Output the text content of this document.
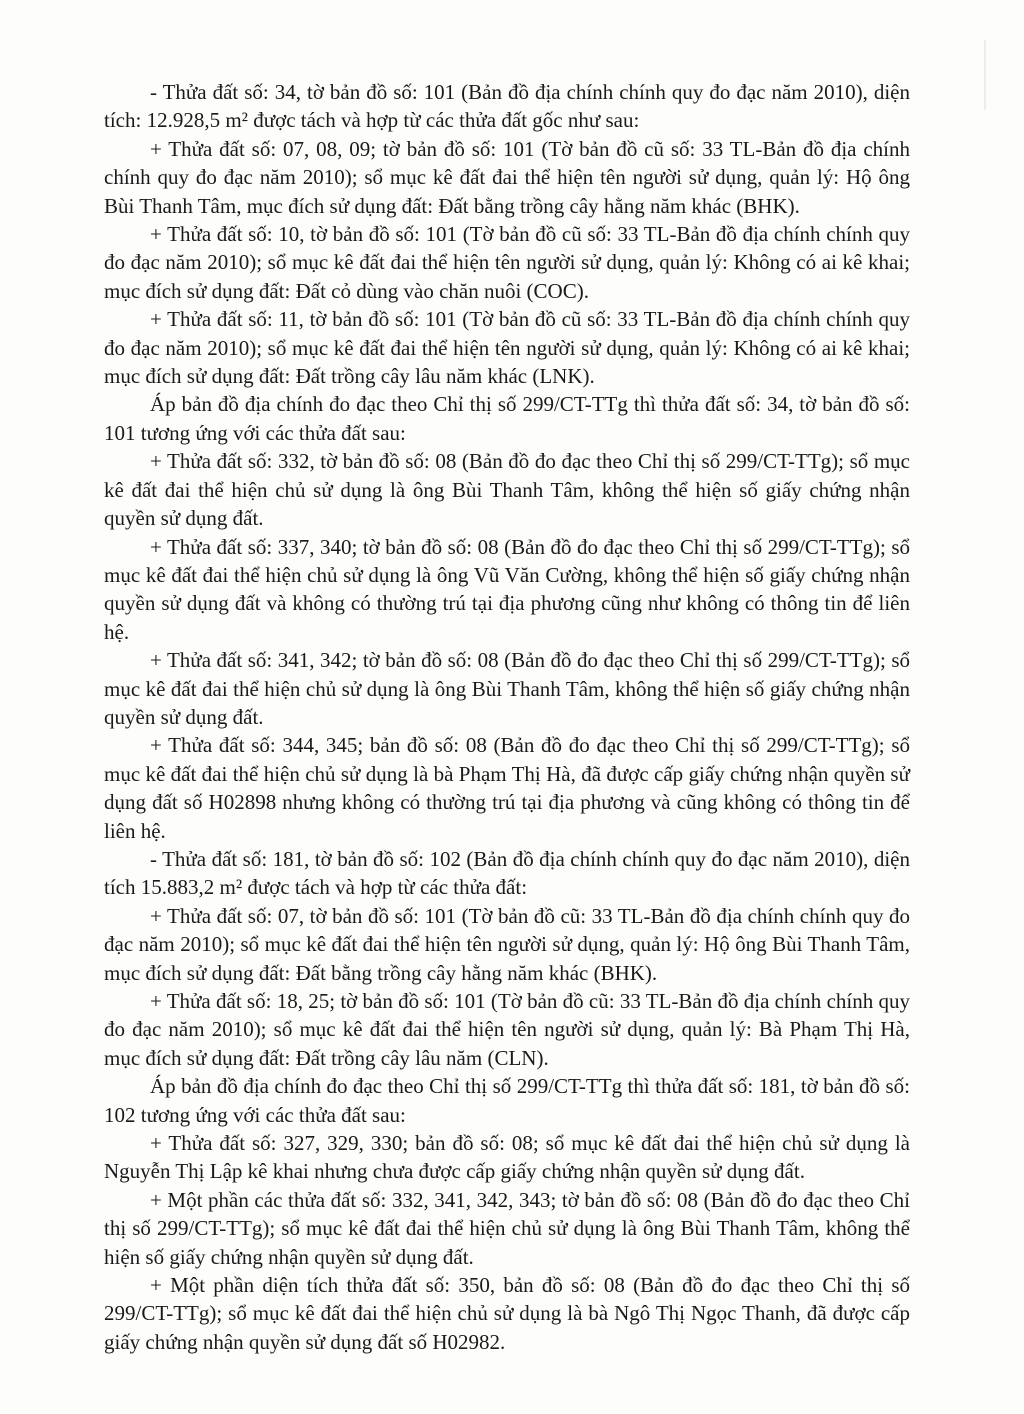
- Thửa đất số: 34, tờ bản đồ số: 101 (Bản đồ địa chính chính quy đo đạc năm 2010), diện tích: 12.928,5 m² được tách và hợp từ các thửa đất gốc như sau:

+ Thửa đất số: 07, 08, 09; tờ bản đồ số: 101 (Tờ bản đồ cũ số: 33 TL-Bản đồ địa chính chính quy đo đạc năm 2010); sổ mục kê đất đai thể hiện tên người sử dụng, quản lý: Hộ ông Bùi Thanh Tâm, mục đích sử dụng đất: Đất bằng trồng cây hằng năm khác (BHK).

+ Thửa đất số: 10, tờ bản đồ số: 101 (Tờ bản đồ cũ số: 33 TL-Bản đồ địa chính chính quy đo đạc năm 2010); sổ mục kê đất đai thể hiện tên người sử dụng, quản lý: Không có ai kê khai; mục đích sử dụng đất: Đất cỏ dùng vào chăn nuôi (COC).

+ Thửa đất số: 11, tờ bản đồ số: 101 (Tờ bản đồ cũ số: 33 TL-Bản đồ địa chính chính quy đo đạc năm 2010); sổ mục kê đất đai thể hiện tên người sử dụng, quản lý: Không có ai kê khai; mục đích sử dụng đất: Đất trồng cây lâu năm khác (LNK).

Áp bản đồ địa chính đo đạc theo Chỉ thị số 299/CT-TTg thì thửa đất số: 34, tờ bản đồ số: 101 tương ứng với các thửa đất sau:

+ Thửa đất số: 332, tờ bản đồ số: 08 (Bản đồ đo đạc theo Chỉ thị số 299/CT-TTg); sổ mục kê đất đai thể hiện chủ sử dụng là ông Bùi Thanh Tâm, không thể hiện số giấy chứng nhận quyền sử dụng đất.

+ Thửa đất số: 337, 340; tờ bản đồ số: 08 (Bản đồ đo đạc theo Chỉ thị số 299/CT-TTg); sổ mục kê đất đai thể hiện chủ sử dụng là ông Vũ Văn Cường, không thể hiện số giấy chứng nhận quyền sử dụng đất và không có thường trú tại địa phương cũng như không có thông tin để liên hệ.

+ Thửa đất số: 341, 342; tờ bản đồ số: 08 (Bản đồ đo đạc theo Chỉ thị số 299/CT-TTg); sổ mục kê đất đai thể hiện chủ sử dụng là ông Bùi Thanh Tâm, không thể hiện số giấy chứng nhận quyền sử dụng đất.

+ Thửa đất số: 344, 345; bản đồ số: 08 (Bản đồ đo đạc theo Chỉ thị số 299/CT-TTg); sổ mục kê đất đai thể hiện chủ sử dụng là bà Phạm Thị Hà, đã được cấp giấy chứng nhận quyền sử dụng đất số H02898 nhưng không có thường trú tại địa phương và cũng không có thông tin để liên hệ.

- Thửa đất số: 181, tờ bản đồ số: 102 (Bản đồ địa chính chính quy đo đạc năm 2010), diện tích 15.883,2 m² được tách và hợp từ các thửa đất:

+ Thửa đất số: 07, tờ bản đồ số: 101 (Tờ bản đồ cũ: 33 TL-Bản đồ địa chính chính quy đo đạc năm 2010); sổ mục kê đất đai thể hiện tên người sử dụng, quản lý: Hộ ông Bùi Thanh Tâm, mục đích sử dụng đất: Đất bằng trồng cây hằng năm khác (BHK).

+ Thửa đất số: 18, 25; tờ bản đồ số: 101 (Tờ bản đồ cũ: 33 TL-Bản đồ địa chính chính quy đo đạc năm 2010); sổ mục kê đất đai thể hiện tên người sử dụng, quản lý: Bà Phạm Thị Hà, mục đích sử dụng đất: Đất trồng cây lâu năm (CLN).

Áp bản đồ địa chính đo đạc theo Chỉ thị số 299/CT-TTg thì thửa đất số: 181, tờ bản đồ số: 102 tương ứng với các thửa đất sau:

+ Thửa đất số: 327, 329, 330; bản đồ số: 08; sổ mục kê đất đai thể hiện chủ sử dụng là Nguyễn Thị Lập kê khai nhưng chưa được cấp giấy chứng nhận quyền sử dụng đất.

+ Một phần các thửa đất số: 332, 341, 342, 343; tờ bản đồ số: 08 (Bản đồ đo đạc theo Chỉ thị số 299/CT-TTg); sổ mục kê đất đai thể hiện chủ sử dụng là ông Bùi Thanh Tâm, không thể hiện số giấy chứng nhận quyền sử dụng đất.

+ Một phần diện tích thửa đất số: 350, bản đồ số: 08 (Bản đồ đo đạc theo Chỉ thị số 299/CT-TTg); sổ mục kê đất đai thể hiện chủ sử dụng là bà Ngô Thị Ngọc Thanh, đã được cấp giấy chứng nhận quyền sử dụng đất số H02982.
